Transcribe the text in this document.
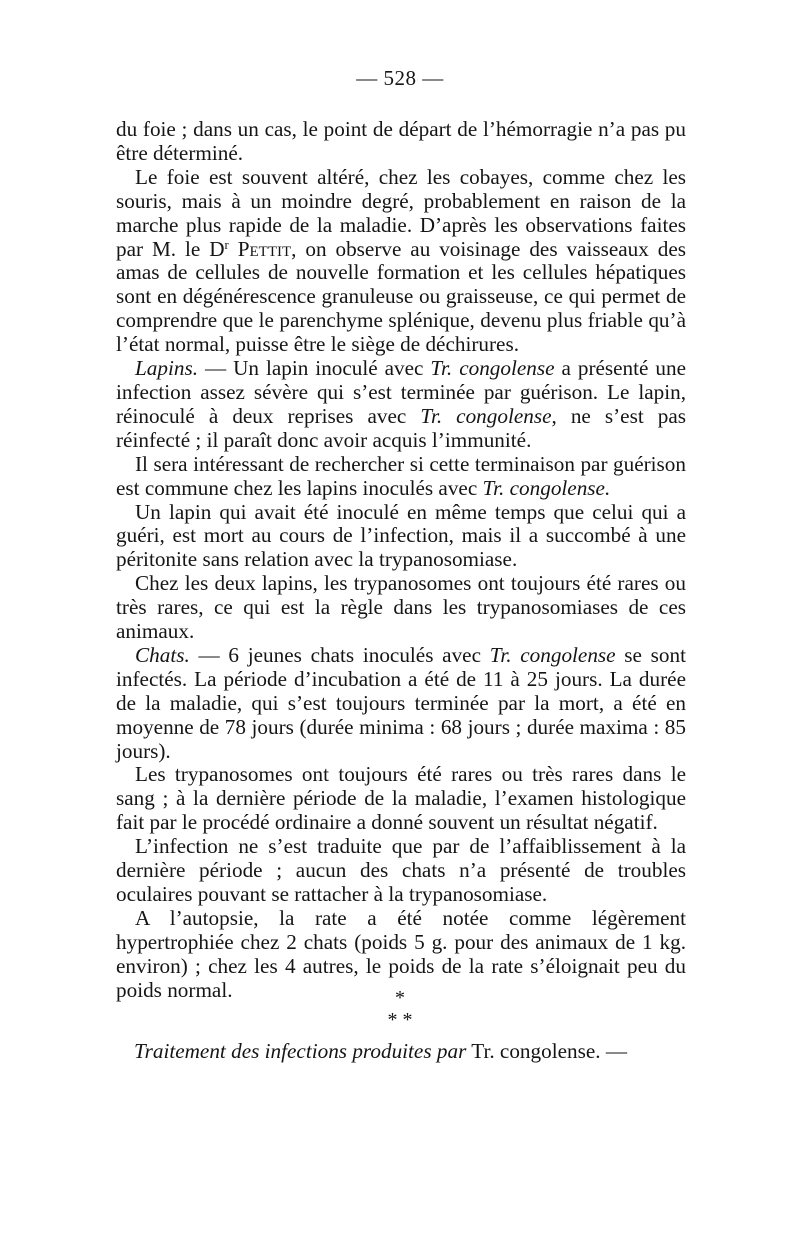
— 528 —

du foie ; dans un cas, le point de départ de l’hémorragie n’a pas pu être déterminé.

Le foie est souvent altéré, chez les cobayes, comme chez les souris, mais à un moindre degré, probablement en raison de la marche plus rapide de la maladie. D’après les observations faites par M. le $D^r$ Pettit, on observe au voisinage des vaisseaux des amas de cellules de nouvelle formation et les cellules hépatiques sont en dégénérescence granuleuse ou graisseuse, ce qui permet de comprendre que le parenchyme splénique, devenu plus friable qu’à l’état normal, puisse être le siège de déchirures.

Lapins. — Un lapin inoculé avec Tr. congolense a présenté une infection assez sévère qui s’est terminée par guérison. Le lapin, réinoculé à deux reprises avec Tr. congolense, ne s’est pas réinfecté ; il paraît donc avoir acquis l’immunité.

Il sera intéressant de rechercher si cette terminaison par guérison est commune chez les lapins inoculés avec Tr. congolense.

Un lapin qui avait été inoculé en même temps que celui qui a guéri, est mort au cours de l’infection, mais il a succombé à une péritonite sans relation avec la trypanosomiase.

Chez les deux lapins, les trypanosomes ont toujours été rares ou très rares, ce qui est la règle dans les trypanosomiases de ces animaux.

Chats. — 6 jeunes chats inoculés avec Tr. congolense se sont infectés. La période d’incubation a été de 11 à 25 jours. La durée de la maladie, qui s’est toujours terminée par la mort, a été en moyenne de 78 jours (durée minima : 68 jours ; durée maxima : 85 jours).

Les trypanosomes ont toujours été rares ou très rares dans le sang ; à la dernière période de la maladie, l’examen histologique fait par le procédé ordinaire a donné souvent un résultat négatif.

L’infection ne s’est traduite que par de l’affaiblissement à la dernière période ; aucun des chats n’a présenté de troubles oculaires pouvant se rattacher à la trypanosomiase.

A l’autopsie, la rate a été notée comme légèrement hypertrophiée chez 2 chats (poids 5 g. pour des animaux de 1 kg. environ) ; chez les 4 autres, le poids de la rate s’éloignait peu du poids normal.	*
* *
Traitement des infections produites par Tr. congolense. —
